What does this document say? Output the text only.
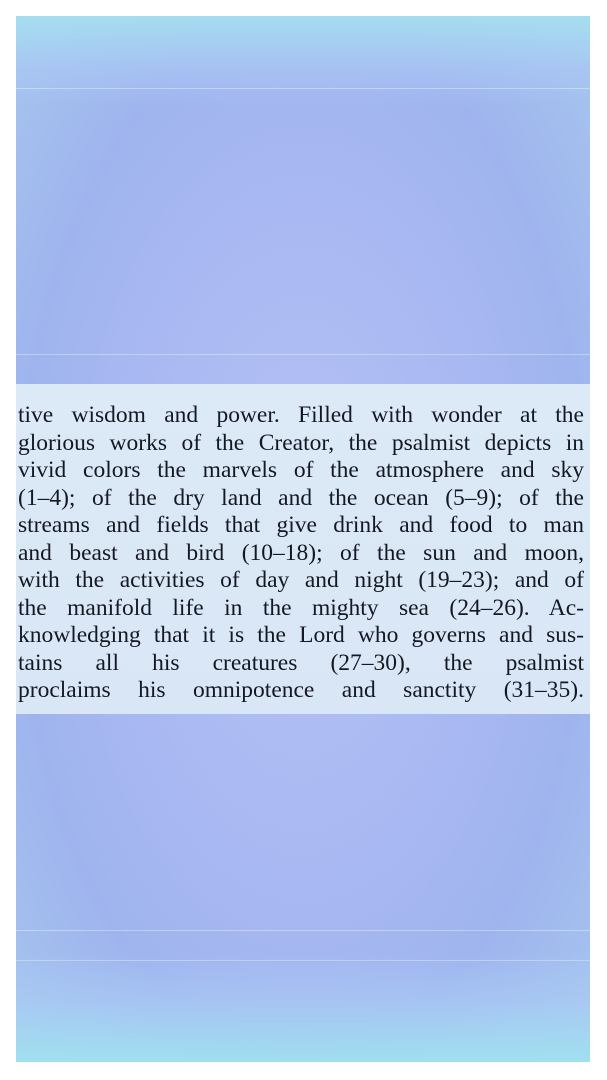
tive wisdom and power. Filled with wonder at the
glorious works of the Creator, the psalmist depicts in
vivid colors the marvels of the atmosphere and sky
(1–4); of the dry land and the ocean (5–9); of the
streams and fields that give drink and food to man
and beast and bird (10–18); of the sun and moon,
with the activities of day and night (19–23); and of
the manifold life in the mighty sea (24–26). Ac-
knowledging that it is the Lord who governs and sus-
tains all his creatures (27–30), the psalmist
proclaims his omnipotence and sanctity (31–35).
